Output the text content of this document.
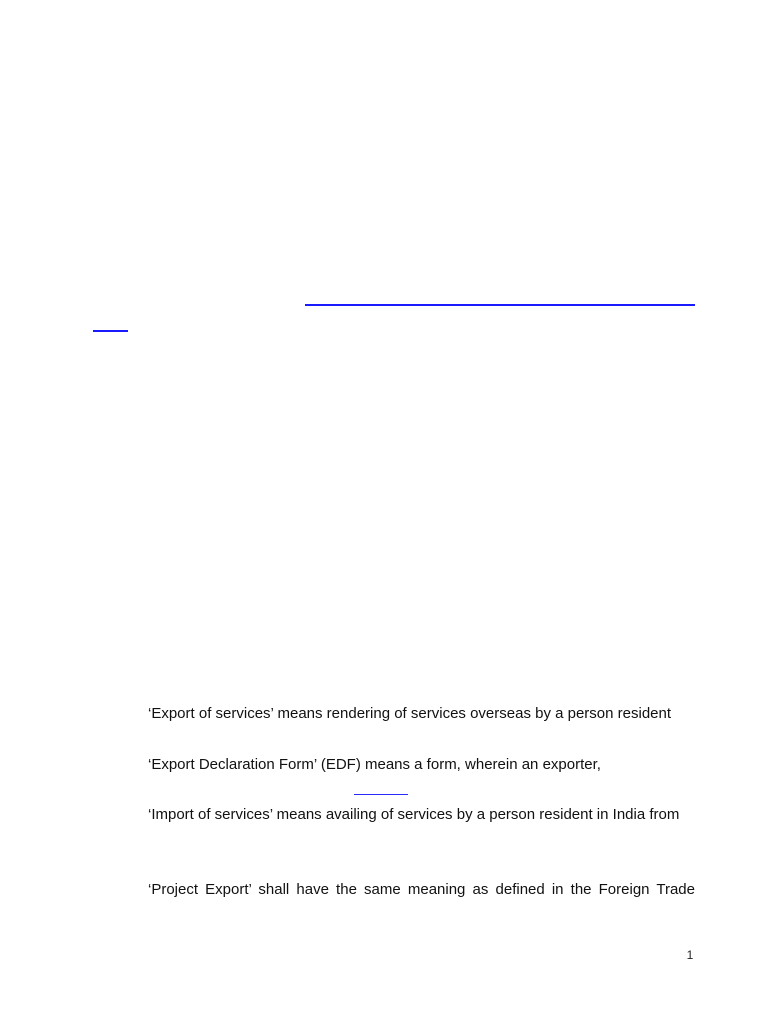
‘Export of services’ means rendering of services overseas by a person resident
‘Export Declaration Form’ (EDF) means a form, wherein an exporter,
‘Import of services’ means availing of services by a person resident in India from
‘Project Export’ shall have the same meaning as defined in the Foreign Trade
1
